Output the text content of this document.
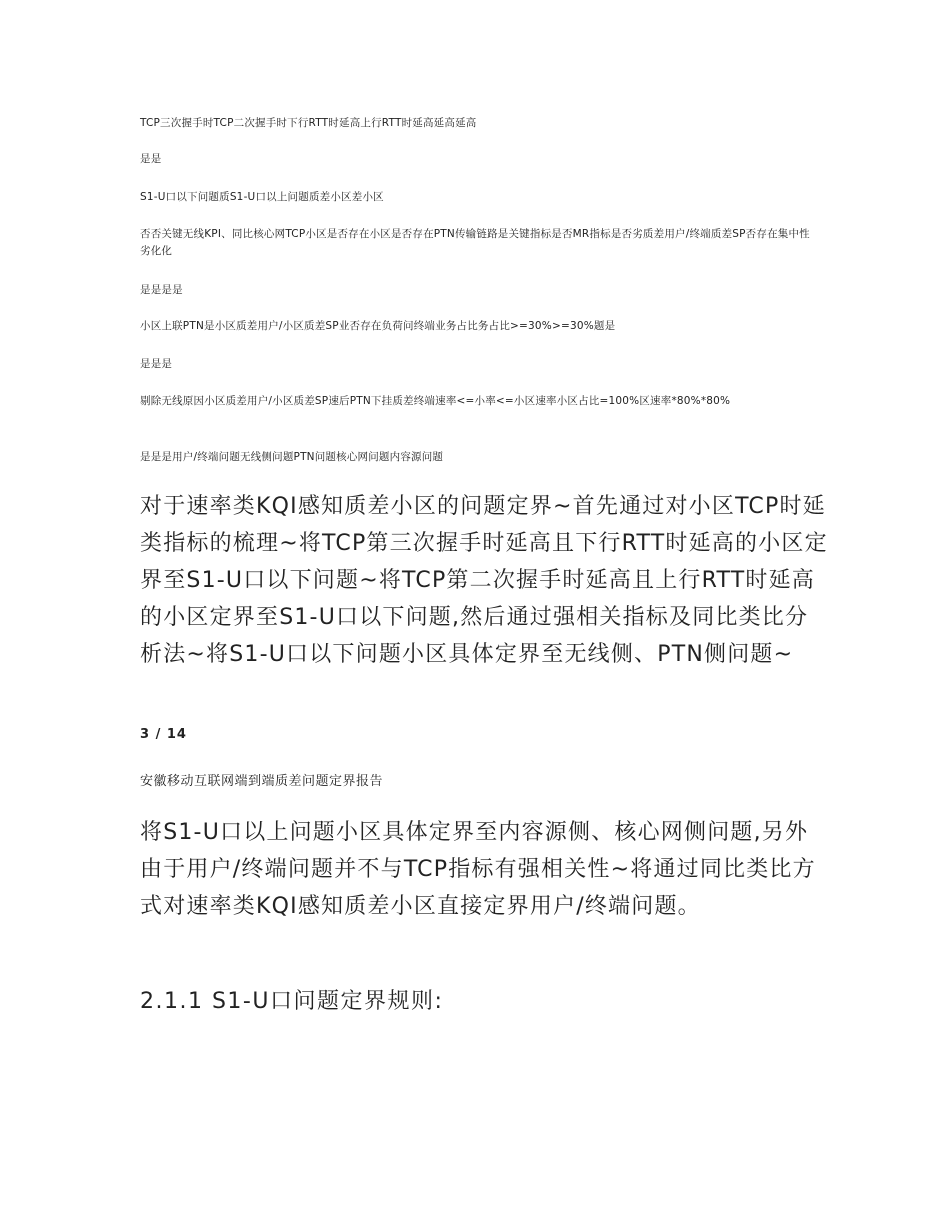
TCP三次握手时TCP二次握手时下行RTT时延高上行RTT时延高延高延高
是是
S1-U口以下问题质S1-U口以上问题质差小区差小区
否否关键无线KPI、同比核心网TCP小区是否存在小区是否存在PTN传输链路是关键指标是否MR指标是否劣质差用户/终端质差SP否存在集中性劣化化
是是是是
小区上联PTN是小区质差用户/小区质差SP业否存在负荷问终端业务占比务占比>=30%>=30%题是
是是是
剔除无线原因小区质差用户/小区质差SP速后PTN下挂质差终端速率<=小率<=小区速率小区占比=100%区速率*80%*80%
是是是用户/终端问题无线侧问题PTN问题核心网问题内容源问题
对于速率类KQI感知质差小区的问题定界~首先通过对小区TCP时延类指标的梳理~将TCP第三次握手时延高且下行RTT时延高的小区定界至S1-U口以下问题~将TCP第二次握手时延高且上行RTT时延高的小区定界至S1-U口以下问题,然后通过强相关指标及同比类比分析法~将S1-U口以下问题小区具体定界至无线侧、PTN侧问题~
3 / 14
安徽移动互联网端到端质差问题定界报告
将S1-U口以上问题小区具体定界至内容源侧、核心网侧问题,另外由于用户/终端问题并不与TCP指标有强相关性~将通过同比类比方式对速率类KQI感知质差小区直接定界用户/终端问题。
2.1.1 S1-U口问题定界规则:
